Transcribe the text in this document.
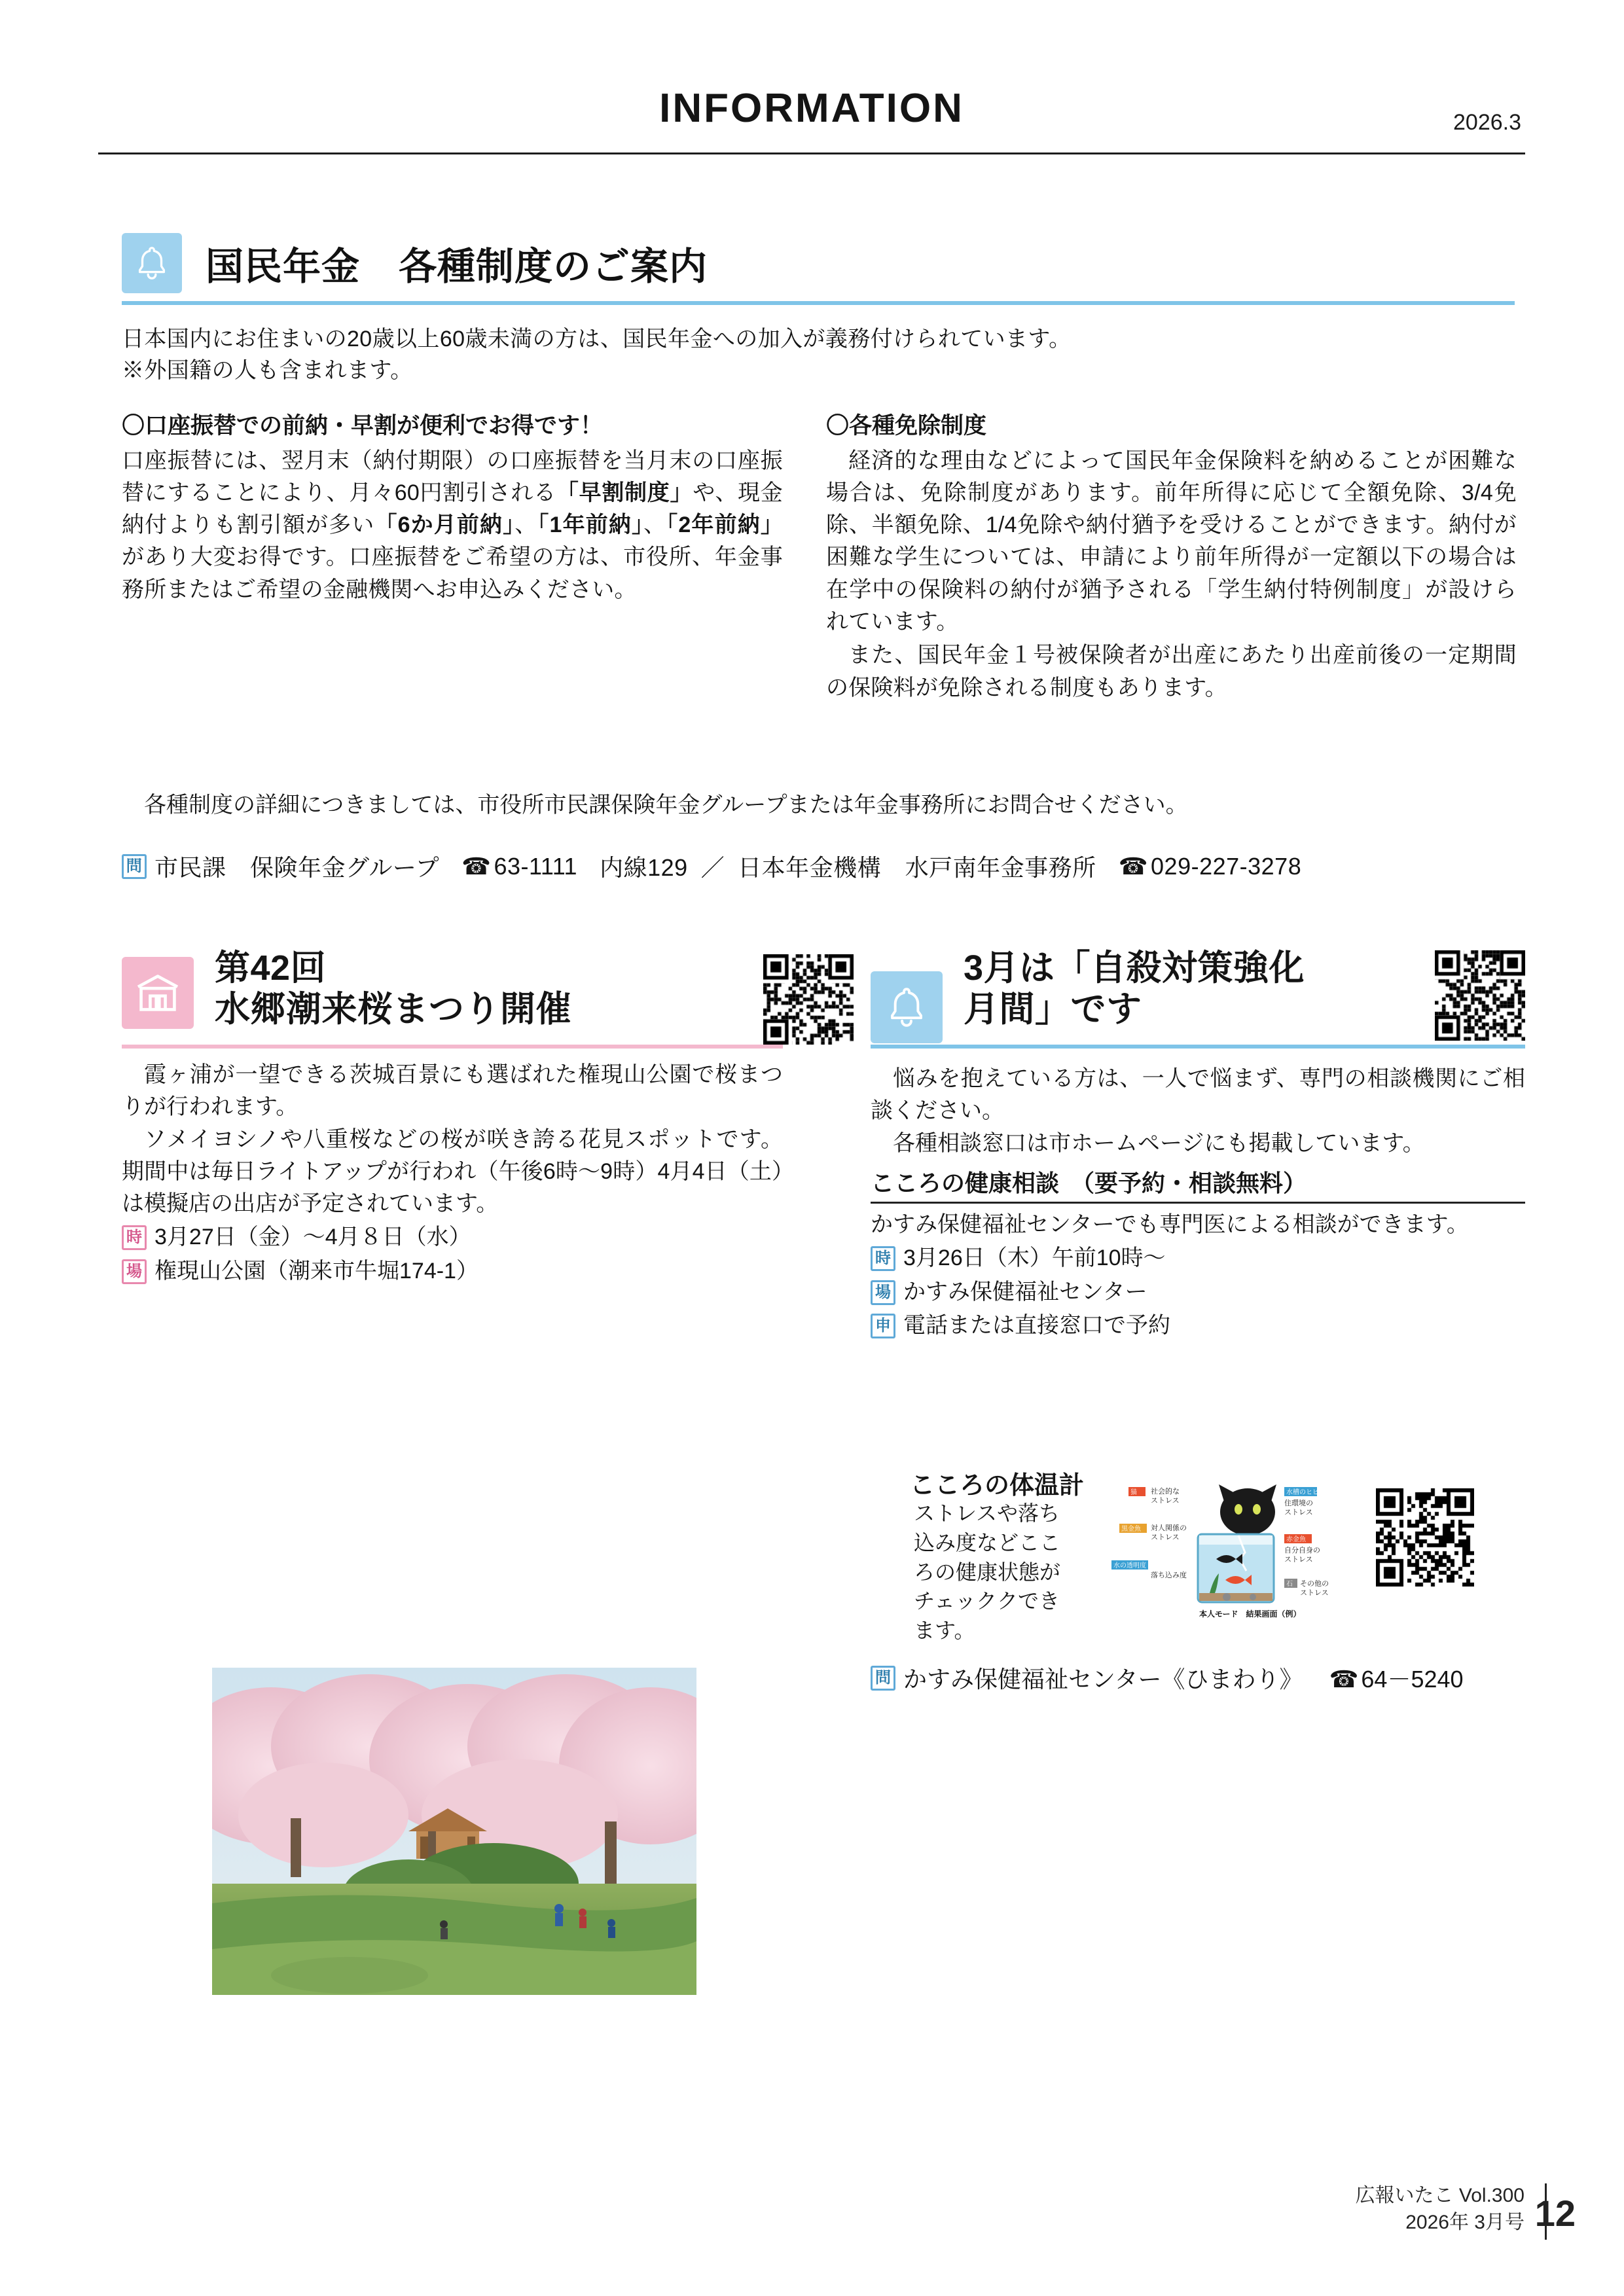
INFORMATION	2026.3
国民年金　各種制度のご案内
日本国内にお住まいの20歳以上60歳未満の方は、国民年金への加入が義務付けられています。
※外国籍の人も含まれます。
〇口座振替での前納・早割が便利でお得です！

口座振替には、翌月末（納付期限）の口座振替を当月末の口座振替にすることにより、月々60円割引される「早割制度」や、現金納付よりも割引額が多い「6か月前納」、「1年前納」、「2年前納」があり大変お得です。口座振替をご希望の方は、市役所、年金事務所またはご希望の金融機関へお申込みください。

〇各種免除制度

経済的な理由などによって国民年金保険料を納めることが困難な場合は、免除制度があります。前年所得に応じて全額免除、3/4免除、半額免除、1/4免除や納付猶予を受けることができます。納付が困難な学生については、申請により前年所得が一定額以下の場合は在学中の保険料の納付が猶予される「学生納付特例制度」が設けられています。

また、国民年金１号被保険者が出産にあたり出産前後の一定期間の保険料が免除される制度もあります。

各種制度の詳細につきましては、市役所市民課保険年金グループまたは年金事務所にお問合せください。
問 市民課　保険年金グループ	☎ 63-1111 内線129 ／ 日本年金機構　水戸南年金事務所	☎ 029-227-3278
第42回
水郷潮来桜まつり開催

霞ヶ浦が一望できる茨城百景にも選ばれた権現山公園で桜まつりが行われます。

ソメイヨシノや八重桜などの桜が咲き誇る花見スポットです。期間中は毎日ライトアップが行われ（午後6時〜9時）4月4日（土）は模擬店の出店が予定されています。

時 3月27日（金）〜4月８日（水）
場 権現山公園（潮来市牛堀174-1）
3月は「自殺対策強化
月間」です

悩みを抱えている方は、一人で悩まず、専門の相談機関にご相談ください。

各種相談窓口は市ホームページにも掲載しています。

こころの健康相談　（要予約・相談無料）

かすみ保健福祉センターでも専門医による相談ができます。

時 3月26日（木）午前10時〜
場 かすみ保健福祉センター
申 電話または直接窓口で予約
こころの体温計
ストレスや落ち込み度などこころの健康状態がチェッククできます。
猫 社会的な
ストレス
黒金魚 対人関係の
ストレス
水の透明度
落ち込み度
水槽のヒビ
住環境の
ストレス
赤金魚
自分自身の
ストレス
石 その他の
ストレス
本人モード　結果画面（例）
問 かすみ保健福祉センター《ひまわり》	☎ 64－5240
広報いたこ Vol.300
2026年 3月号 12
